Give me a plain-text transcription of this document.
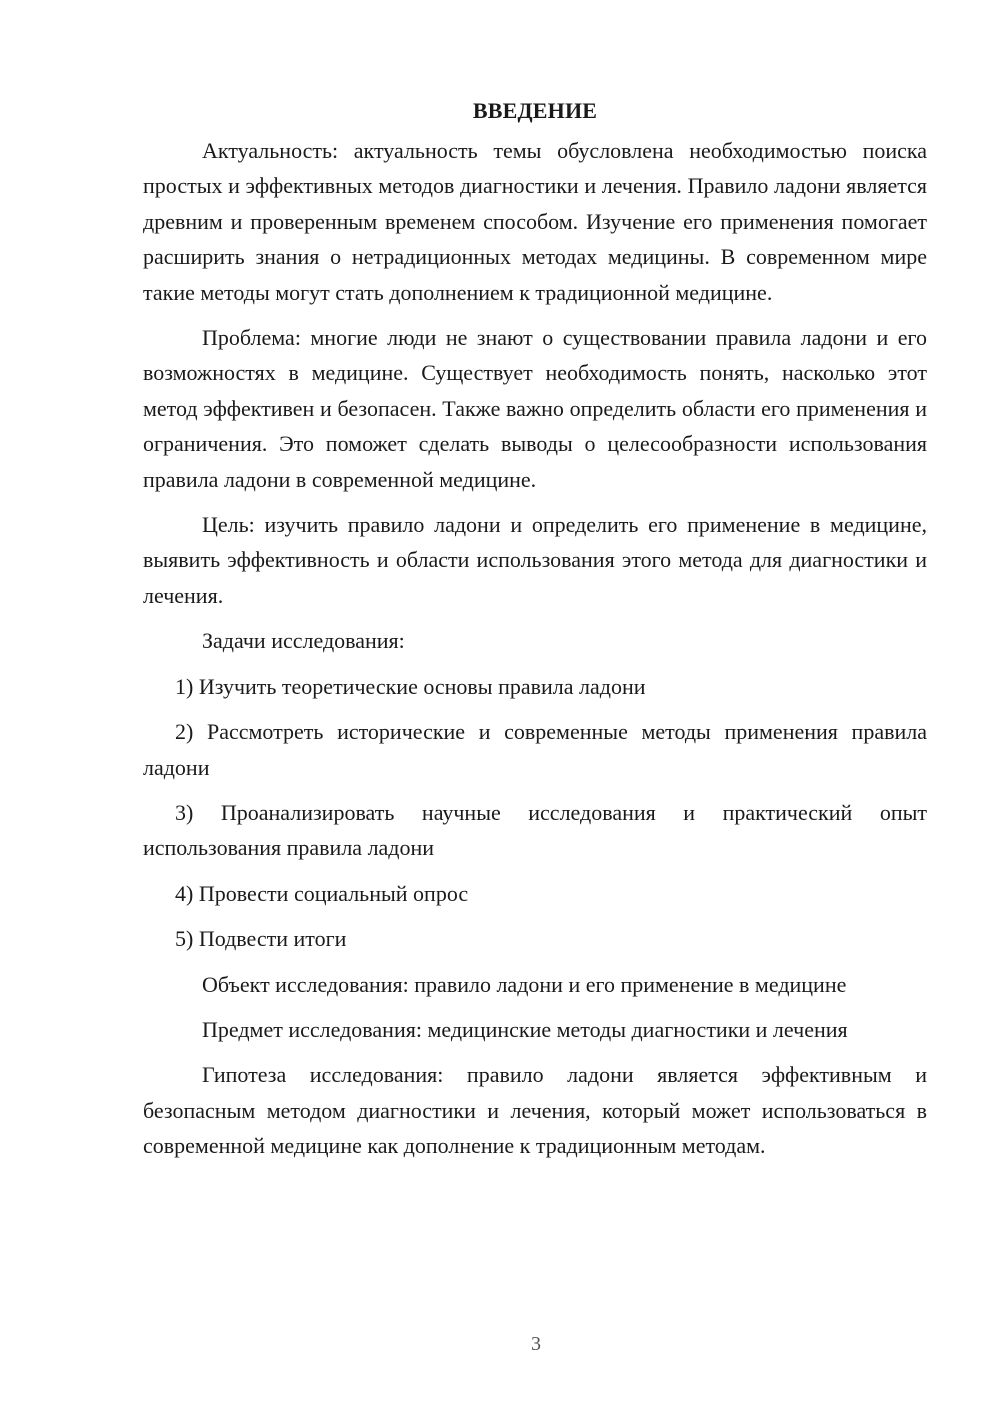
ВВЕДЕНИЕ

Актуальность: актуальность темы обусловлена необходимостью поиска простых и эффективных методов диагностики и лечения. Правило ладони является древним и проверенным временем способом. Изучение его применения помогает расширить знания о нетрадиционных методах медицины. В современном мире такие методы могут стать дополнением к традиционной медицине.

Проблема: многие люди не знают о существовании правила ладони и его возможностях в медицине. Существует необходимость понять, насколько этот метод эффективен и безопасен. Также важно определить области его применения и ограничения. Это поможет сделать выводы о целесообразности использования правила ладони в современной медицине.

Цель: изучить правило ладони и определить его применение в медицине, выявить эффективность и области использования этого метода для диагностики и лечения.

Задачи исследования:

1) Изучить теоретические основы правила ладони

2) Рассмотреть исторические и современные методы применения правила ладони

3) Проанализировать научные исследования и практический опыт использования правила ладони

4) Провести социальный опрос

5) Подвести итоги

Объект исследования: правило ладони и его применение в медицине

Предмет исследования: медицинские методы диагностики и лечения

Гипотеза исследования: правило ладони является эффективным и безопасным методом диагностики и лечения, который может использоваться в современной медицине как дополнение к традиционным методам.

3
